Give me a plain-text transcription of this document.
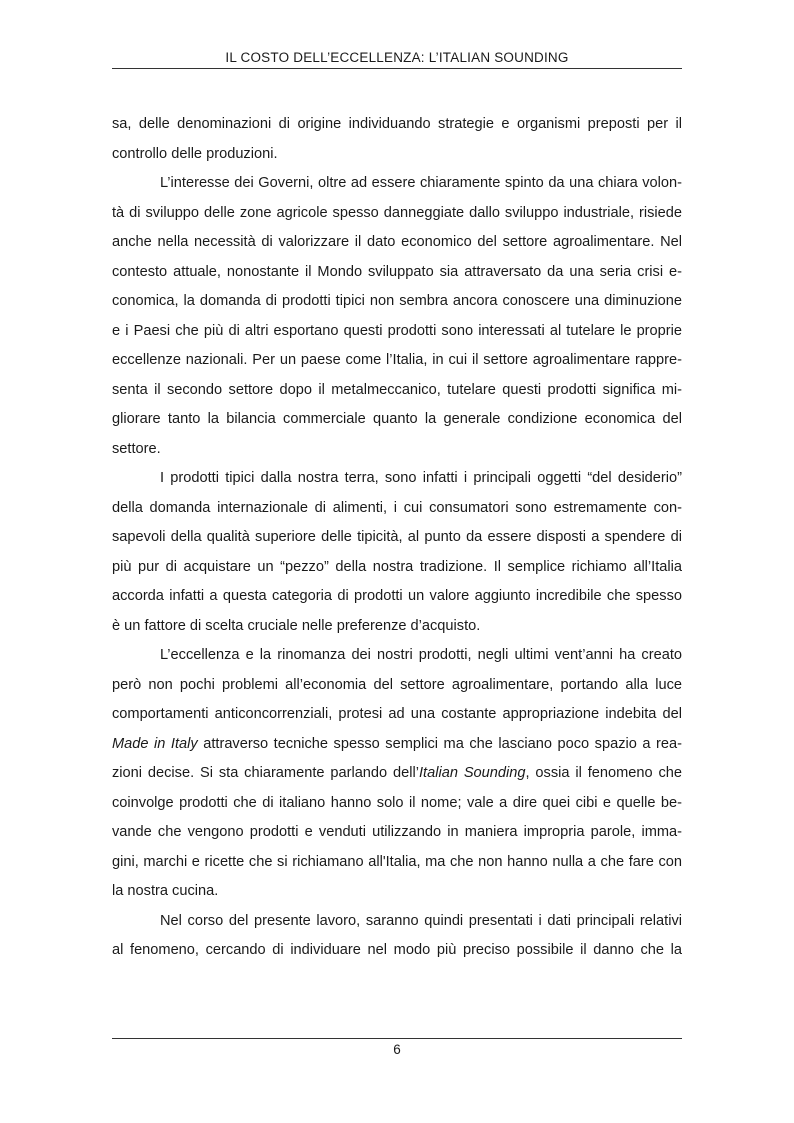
IL COSTO DELL’ECCELLENZA: L’ITALIAN SOUNDING
sa, delle denominazioni di origine individuando strategie e organismi preposti per il
controllo delle produzioni.
L’interesse dei Governi, oltre ad essere chiaramente spinto da una chiara volon-
tà di sviluppo delle zone agricole spesso danneggiate dallo sviluppo industriale, risiede
anche nella necessità di valorizzare il dato economico del settore agroalimentare. Nel
contesto attuale, nonostante il Mondo sviluppato sia attraversato da una seria crisi e-
conomica, la domanda di prodotti tipici non sembra ancora conoscere una diminuzione
e i Paesi che più di altri esportano questi prodotti sono interessati al tutelare le proprie
eccellenze nazionali. Per un paese come l’Italia, in cui il settore agroalimentare rappre-
senta il secondo settore dopo il metalmeccanico, tutelare questi prodotti significa mi-
gliorare tanto la bilancia commerciale quanto la generale condizione economica del
settore.
I prodotti tipici dalla nostra terra, sono infatti i principali oggetti “del desiderio”
della domanda internazionale di alimenti, i cui consumatori sono estremamente con-
sapevoli della qualità superiore delle tipicità, al punto da essere disposti a spendere di
più pur di acquistare un “pezzo” della nostra tradizione. Il semplice richiamo all’Italia
accorda infatti a questa categoria di prodotti un valore aggiunto incredibile che spesso
è un fattore di scelta cruciale nelle preferenze d’acquisto.
L’eccellenza e la rinomanza dei nostri prodotti, negli ultimi vent’anni ha creato
però non pochi problemi all’economia del settore agroalimentare, portando alla luce
comportamenti anticoncorrenziali, protesi ad una costante appropriazione indebita del
Made in Italy attraverso tecniche spesso semplici ma che lasciano poco spazio a rea-
zioni decise. Si sta chiaramente parlando dell’Italian Sounding, ossia il fenomeno che
coinvolge prodotti che di italiano hanno solo il nome; vale a dire quei cibi e quelle be-
vande che vengono prodotti e venduti utilizzando in maniera impropria parole, imma-
gini, marchi e ricette che si richiamano all'Italia, ma che non hanno nulla a che fare con
la nostra cucina.
Nel corso del presente lavoro, saranno quindi presentati i dati principali relativi
al fenomeno, cercando di individuare nel modo più preciso possibile il danno che la
6
